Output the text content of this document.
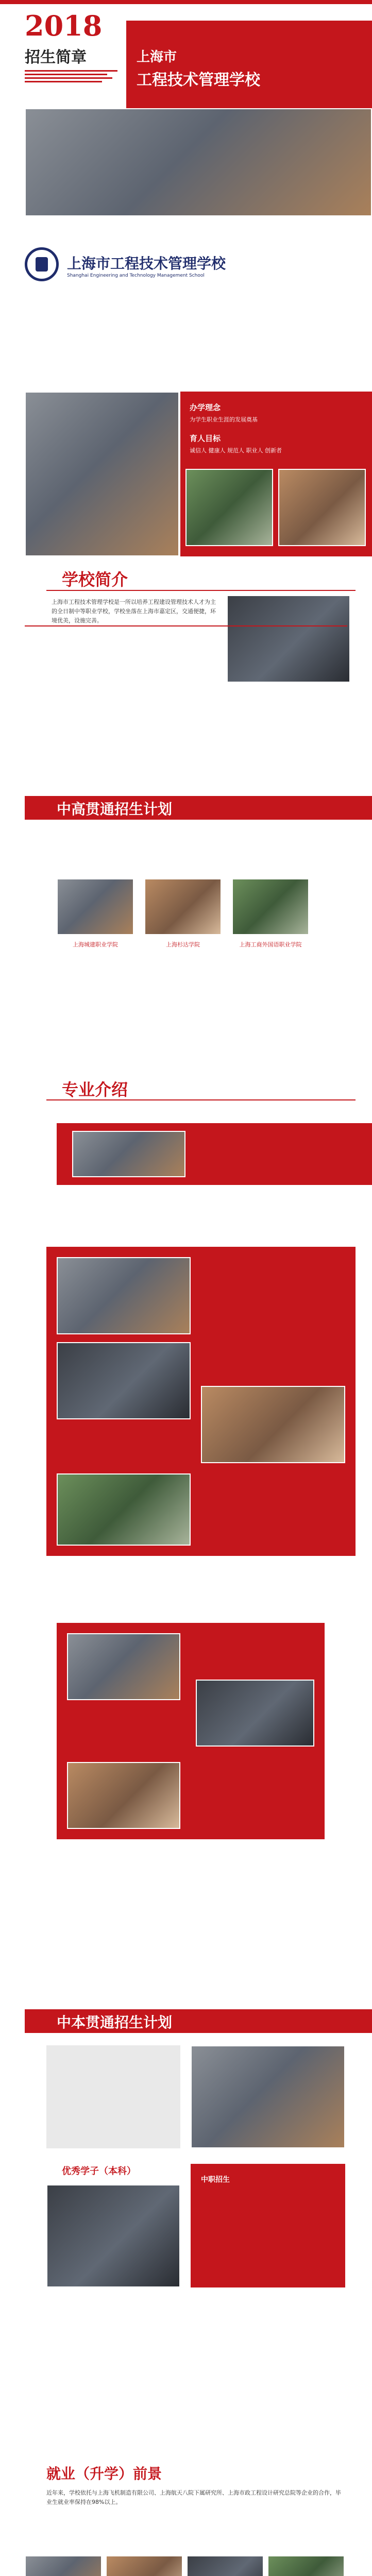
2018
招生简章	上海市
工程技术管理学校
上海市工程技术管理学校
Shanghai Engineering and Technology Management School
办学理念
为学生职业生涯的发展奠基
育人目标
诚信人 健康人 规范人 职业人 创新者
学校简介
上海市工程技术管理学校是一所以培养工程建设管理技术人才为主的全日制中等职业学校，学校坐落在上海市嘉定区，交通便捷，环境优美，设施完善。
中高贯通招生计划
上海城建职业学院	上海杉达学院	上海工商外国语职业学院
专业介绍
中本贯通招生计划
优秀学子（本科）
中职招生
就业（升学）前景
近年来，学校依托与上海飞机制造有限公司、上海航天八院下属研究所、上海市政工程设计研究总院等企业的合作，毕业生就业率保持在98%以上。
